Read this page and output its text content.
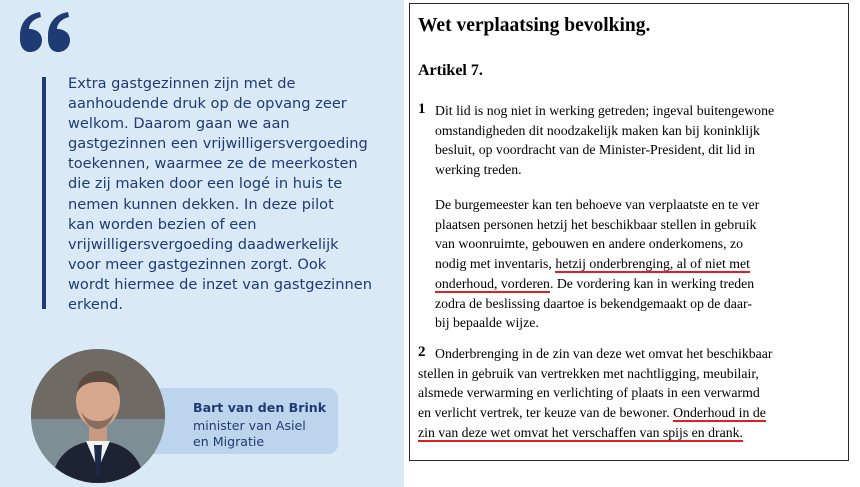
Extra gastgezinnen zijn met de
aanhoudende druk op de opvang zeer
welkom. Daarom gaan we aan
gastgezinnen een vrijwilligersvergoeding
toekennen, waarmee ze de meerkosten
die zij maken door een logé in huis te
nemen kunnen dekken. In deze pilot
kan worden bezien of een
vrijwilligersvergoeding daadwerkelijk
voor meer gastgezinnen zorgt. Ook
wordt hiermee de inzet van gastgezinnen
erkend.
Bart van den Brink
minister van Asiel
en Migratie
Wet verplaatsing bevolking.
Artikel 7.
1 Dit lid is nog niet in werking getreden; ingeval buitengewone
omstandigheden dit noodzakelijk maken kan bij koninklijk
besluit, op voordracht van de Minister-President, dit lid in
werking treden.
De burgemeester kan ten behoeve van verplaatste en te ver
plaatsen personen hetzij het beschikbaar stellen in gebruik
van woonruimte, gebouwen en andere onderkomens, zo
nodig met inventaris, hetzij onderbrenging, al of niet met
onderhoud, vorderen. De vordering kan in werking treden
zodra de beslissing daartoe is bekendgemaakt op de daar-
bij bepaalde wijze.
2 Onderbrenging in de zin van deze wet omvat het beschikbaar
stellen in gebruik van vertrekken met nachtligging, meubilair,
alsmede verwarming en verlichting of plaats in een verwarmd
en verlicht vertrek, ter keuze van de bewoner. Onderhoud in de
zin van deze wet omvat het verschaffen van spijs en drank.
